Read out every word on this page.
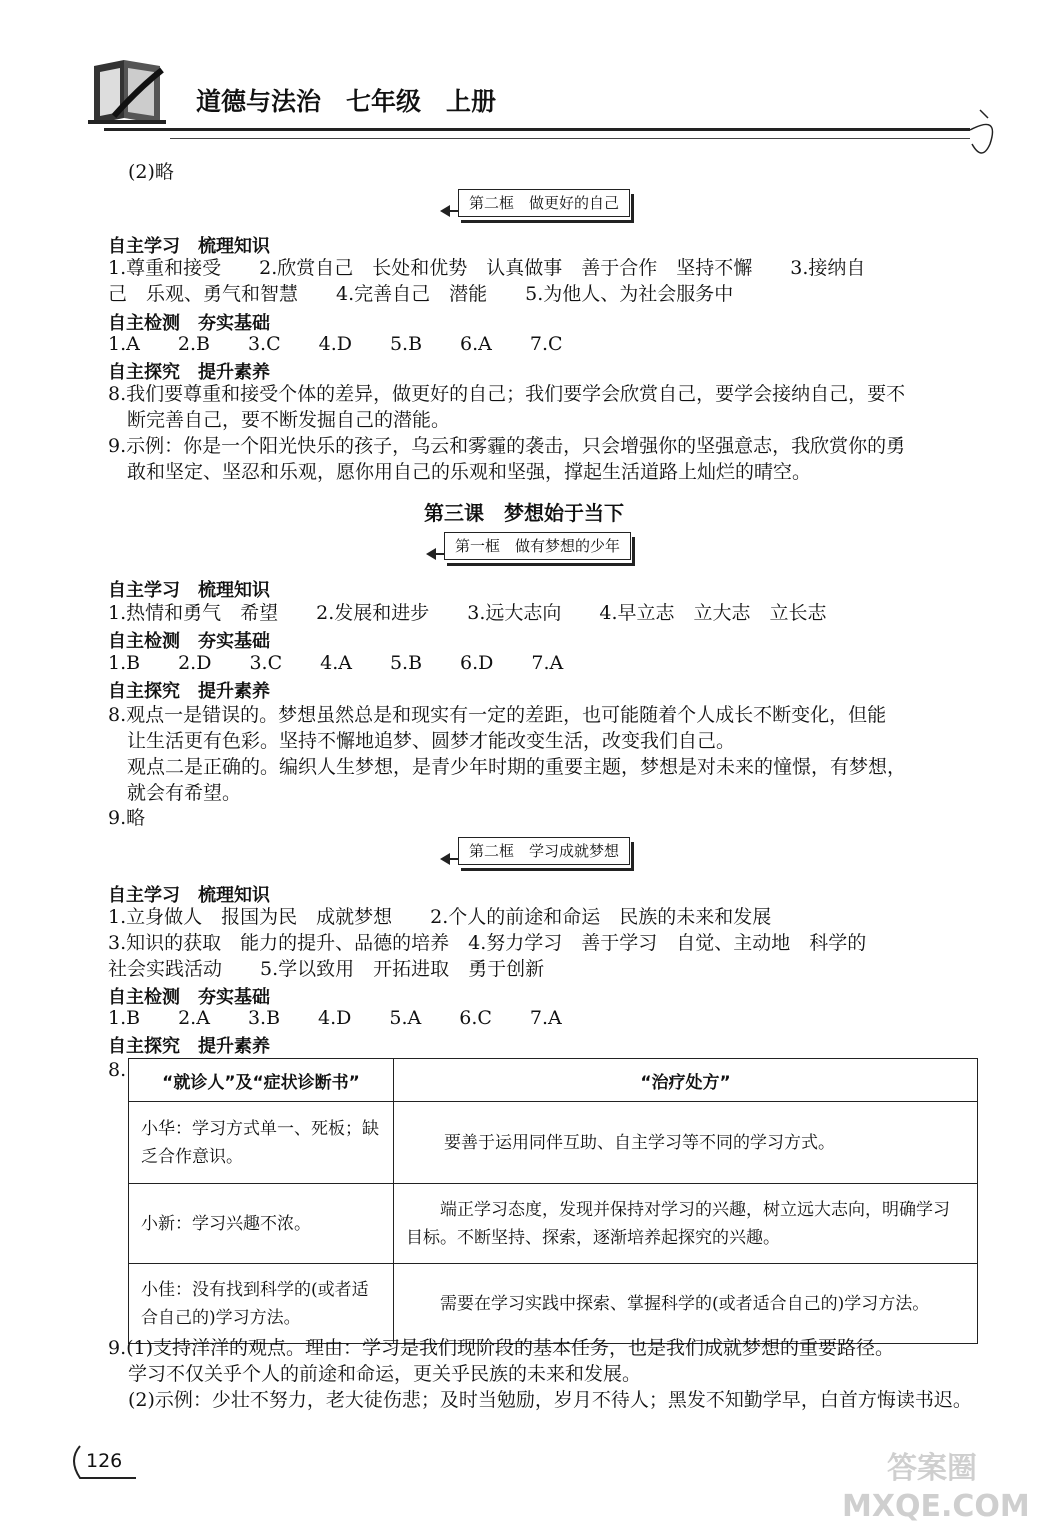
道德与法治　七年级　上册
(2)略
第二框　做更好的自己
自主学习　梳理知识
1.尊重和接受　　2.欣赏自己　长处和优势　认真做事　善于合作　坚持不懈　　3.接纳自
己　乐观、勇气和智慧　　4.完善自己　潜能　　5.为他人、为社会服务中
自主检测　夯实基础
1.A　　2.B　　3.C　　4.D　　5.B　　6.A　　7.C
自主探究　提升素养
8.我们要尊重和接受个体的差异，做更好的自己；我们要学会欣赏自己，要学会接纳自己，要不
　断完善自己，要不断发掘自己的潜能。
9.示例：你是一个阳光快乐的孩子，乌云和雾霾的袭击，只会增强你的坚强意志，我欣赏你的勇
　敢和坚定、坚忍和乐观，愿你用自己的乐观和坚强，撑起生活道路上灿烂的晴空。
第三课　梦想始于当下
第一框　做有梦想的少年
自主学习　梳理知识
1.热情和勇气　希望　　2.发展和进步　　3.远大志向　　4.早立志　立大志　立长志
自主检测　夯实基础
1.B　　2.D　　3.C　　4.A　　5.B　　6.D　　7.A
自主探究　提升素养
8.观点一是错误的。梦想虽然总是和现实有一定的差距，也可能随着个人成长不断变化，但能
　让生活更有色彩。坚持不懈地追梦、圆梦才能改变生活，改变我们自己。
　观点二是正确的。编织人生梦想，是青少年时期的重要主题，梦想是对未来的憧憬，有梦想，
　就会有希望。
9.略
第二框　学习成就梦想
自主学习　梳理知识
1.立身做人　报国为民　成就梦想　　2.个人的前途和命运　民族的未来和发展
3.知识的获取　能力的提升、品德的培养　4.努力学习　善于学习　自觉、主动地　科学的
社会实践活动　　5.学以致用　开拓进取　勇于创新
自主检测　夯实基础
1.B　　2.A　　3.B　　4.D　　5.A　　6.C　　7.A
自主探究　提升素养
8.
“就诊人”及“症状诊断书”	“治疗处方”
小华：学习方式单一、死板；缺乏合作意识。	要善于运用同伴互助、自主学习等不同的学习方式。
小新：学习兴趣不浓。	端正学习态度，发现并保持对学习的兴趣，树立远大志向，明确学习目标。不断坚持、探索，逐渐培养起探究的兴趣。
小佳：没有找到科学的(或者适合自己的)学习方法。	需要在学习实践中探索、掌握科学的(或者适合自己的)学习方法。
9.(1)支持洋洋的观点。理由：学习是我们现阶段的基本任务，也是我们成就梦想的重要路径。
学习不仅关乎个人的前途和命运，更关乎民族的未来和发展。
(2)示例：少壮不努力，老大徒伤悲；及时当勉励，岁月不待人；黑发不知勤学早，白首方悔读书迟。
126	答案圈 MXQE.COM
